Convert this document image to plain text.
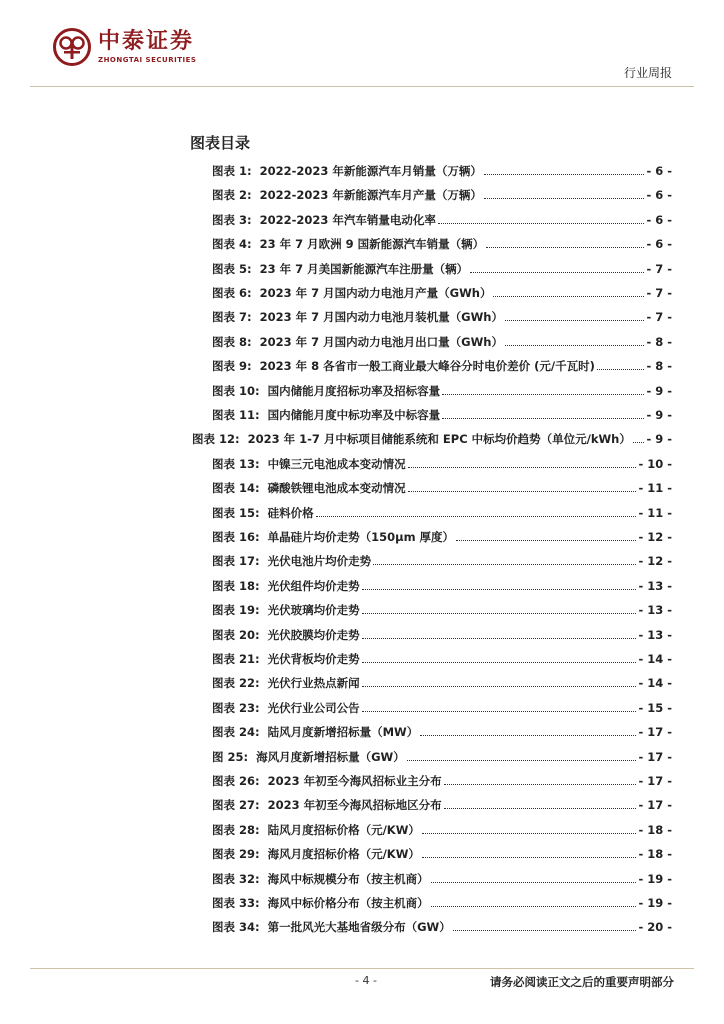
中泰证券
ZHONGTAI SECURITIES
行业周报
图表目录
图表 1: 2022-2023 年新能源汽车月销量（万辆）	- 6 -
图表 2: 2022-2023 年新能源汽车月产量（万辆）	- 6 -
图表 3: 2022-2023 年汽车销量电动化率	- 6 -
图表 4: 23 年 7 月欧洲 9 国新能源汽车销量（辆）	- 6 -
图表 5: 23 年 7 月美国新能源汽车注册量（辆）	- 7 -
图表 6: 2023 年 7 月国内动力电池月产量（GWh）	- 7 -
图表 7: 2023 年 7 月国内动力电池月装机量（GWh）	- 7 -
图表 8: 2023 年 7 月国内动力电池月出口量（GWh）	- 8 -
图表 9: 2023 年 8 各省市一般工商业最大峰谷分时电价差价 (元/千瓦时)	- 8 -
图表 10: 国内储能月度招标功率及招标容量	- 9 -
图表 11: 国内储能月度中标功率及中标容量	- 9 -
图表 12: 2023 年 1-7 月中标项目储能系统和 EPC 中标均价趋势（单位元/kWh） - 9 -
图表 13: 中镍三元电池成本变动情况	- 10 -
图表 14: 磷酸铁锂电池成本变动情况	- 11 -
图表 15: 硅料价格	- 11 -
图表 16: 单晶硅片均价走势（150μm 厚度）	- 12 -
图表 17: 光伏电池片均价走势	- 12 -
图表 18: 光伏组件均价走势	- 13 -
图表 19: 光伏玻璃均价走势	- 13 -
图表 20: 光伏胶膜均价走势	- 13 -
图表 21: 光伏背板均价走势	- 14 -
图表 22: 光伏行业热点新闻	- 14 -
图表 23: 光伏行业公司公告	- 15 -
图表 24: 陆风月度新增招标量（MW）	- 17 -
图 25: 海风月度新增招标量（GW）	- 17 -
图表 26: 2023 年初至今海风招标业主分布	- 17 -
图表 27: 2023 年初至今海风招标地区分布	- 17 -
图表 28: 陆风月度招标价格（元/KW）	- 18 -
图表 29: 海风月度招标价格（元/KW）	- 18 -
图表 32: 海风中标规模分布（按主机商）	- 19 -
图表 33: 海风中标价格分布（按主机商）	- 19 -
图表 34: 第一批风光大基地省级分布（GW）	- 20 -
- 4 -	请务必阅读正文之后的重要声明部分
